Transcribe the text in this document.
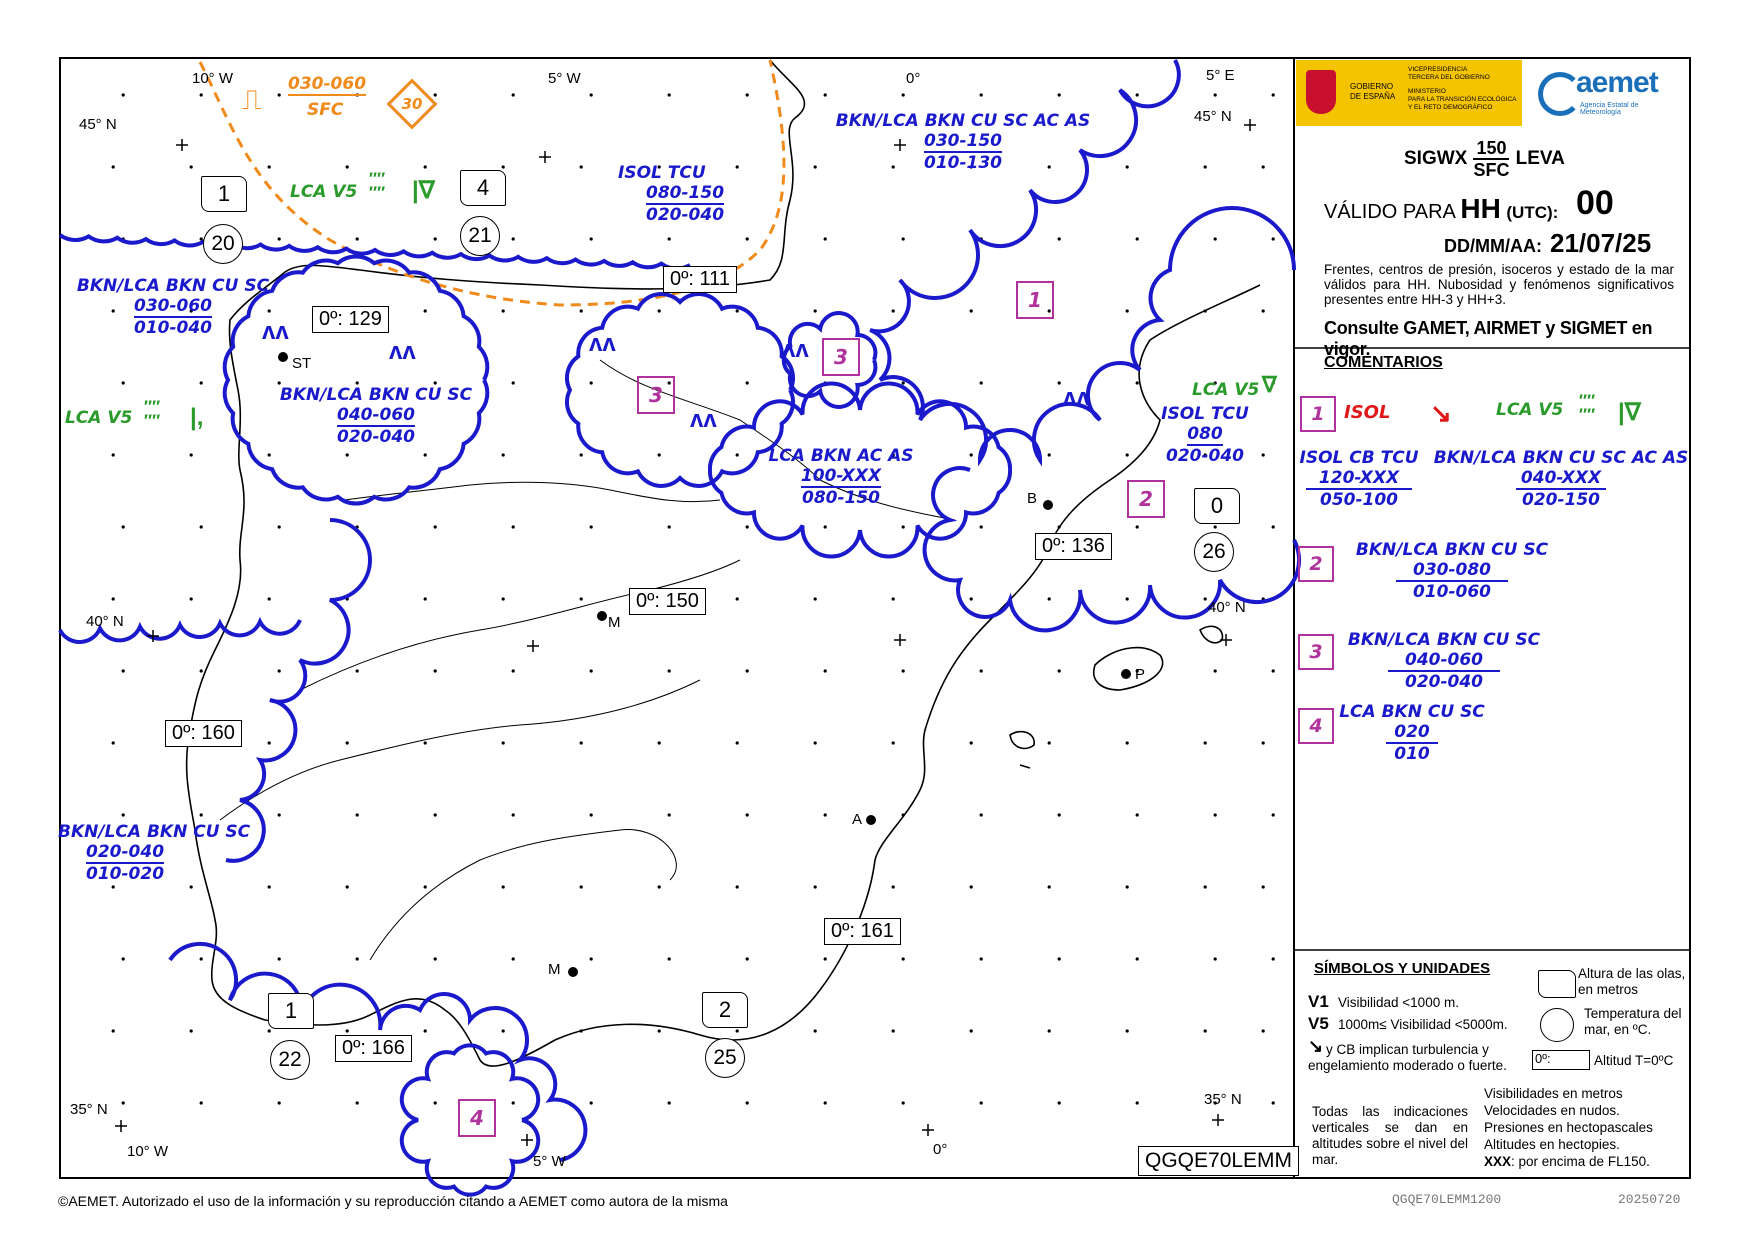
45° N
40° N
35° N
45° N
40° N
35° N
10° W	5° W	0°	5° E
10° W
5° W
0°
ST
M
B
P
A
M
0º: 111
0º: 129
0º: 150
0º: 136
0º: 160
0º: 161
0º: 166
1
20
4
21
0
26
1
22
2
25
1
2
3
3
4
⎍ 030-060
SFC	30
BKN/LCA BKN CU SC AC AS
030-150
010-130
ISOL TCU
080-150
020-040
BKN/LCA BKN CU SC
030-060
010-040
BKN/LCA BKN CU SC
040-060
020-040
LCA BKN AC AS
100-XXX
080-150
ISOL TCU
080
020-040
BKN/LCA BKN CU SC
020-040
010-020
ʌʌ
ʌʌ	ʌʌ
ʌʌ
ʌʌ
ʌʌ
LCA V5
″″
″″ |∇
LCA V5 ∇
LCA V5
″″
″″ |,
QGQE70LEMM
GOBIERNO
DE ESPAÑA
VICEPRESIDENCIA
TERCERA DEL GOBIERNO
MINISTERIO
PARA LA TRANSICIÓN ECOLÓGICA
Y EL RETO DEMOGRÁFICO
aemet
Agencia Estatal de Meteorología
SIGWX $\frac{150}{\text{SFC}}$ LEVA
VÁLIDO PARA HH (UTC): 00
DD/MM/AA: 21/07/25
Frentes, centros de presión, isoceros y estado de la mar válidos para HH. Nubosidad y fenómenos significativos presentes entre HH-3 y HH+3.
Consulte GAMET, AIRMET y SIGMET en vigor.
COMENTARIOS
1	ISOL ↘	LCA V5 ″″
″″ |∇
ISOL CB TCU
120-XXX
050-100
BKN/LCA BKN CU SC AC AS
040-XXX
020-150
2
BKN/LCA BKN CU SC
030-080
010-060
3
BKN/LCA BKN CU SC
040-060
020-040
4
LCA BKN CU SC
020
010
SÍMBOLOS Y UNIDADES	Altura de las olas, en metros
Temperatura del mar, en ºC.
V1 Visibilidad <1000 m.
V5 1000m≤ Visibilidad <5000m.
↘ y CB implican turbulencia y engelamiento moderado o fuerte.	0º:	Altitud T=0ºC
Visibilidades en metros
Velocidades en nudos.
Presiones en hectopascales
Altitudes en hectopies.
XXX: por encima de FL150.
Todas las indicaciones verticales se dan en altitudes sobre el nivel del mar.
©AEMET. Autorizado el uso de la información y su reproducción citando a AEMET como autora de la misma	QGQE70LEMM1200	20250720
